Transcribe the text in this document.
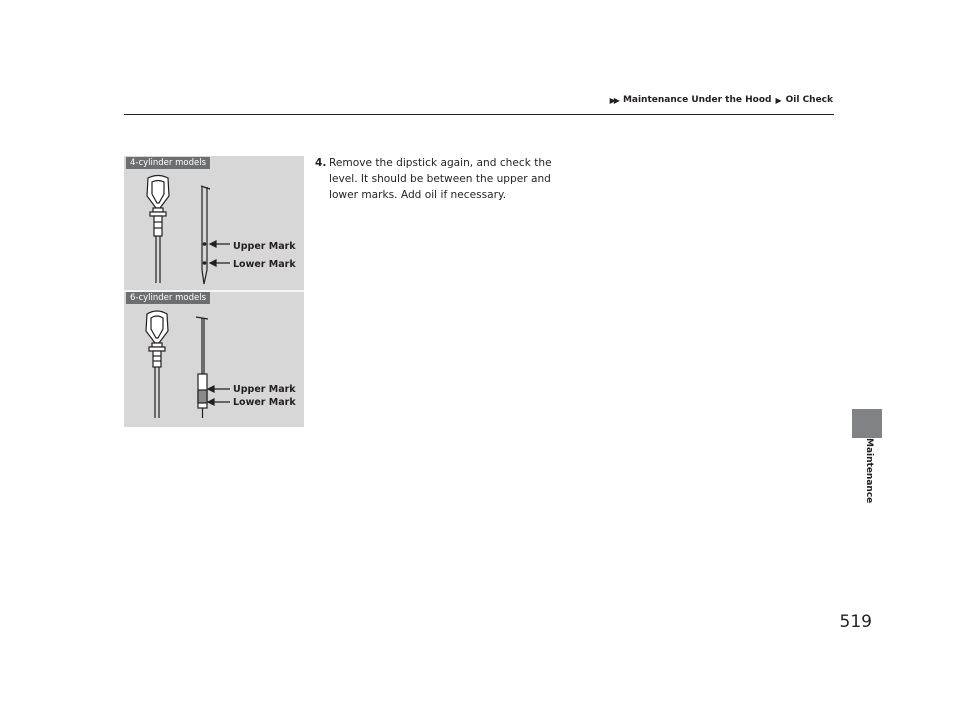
▶▶ Maintenance Under the Hood ▶ Oil Check
4-cylinder models
Upper Mark
Lower Mark
6-cylinder models
Upper Mark
Lower Mark
4. Remove the dipstick again, and check the level. It should be between the upper and lower marks. Add oil if necessary.
Maintenance
519
